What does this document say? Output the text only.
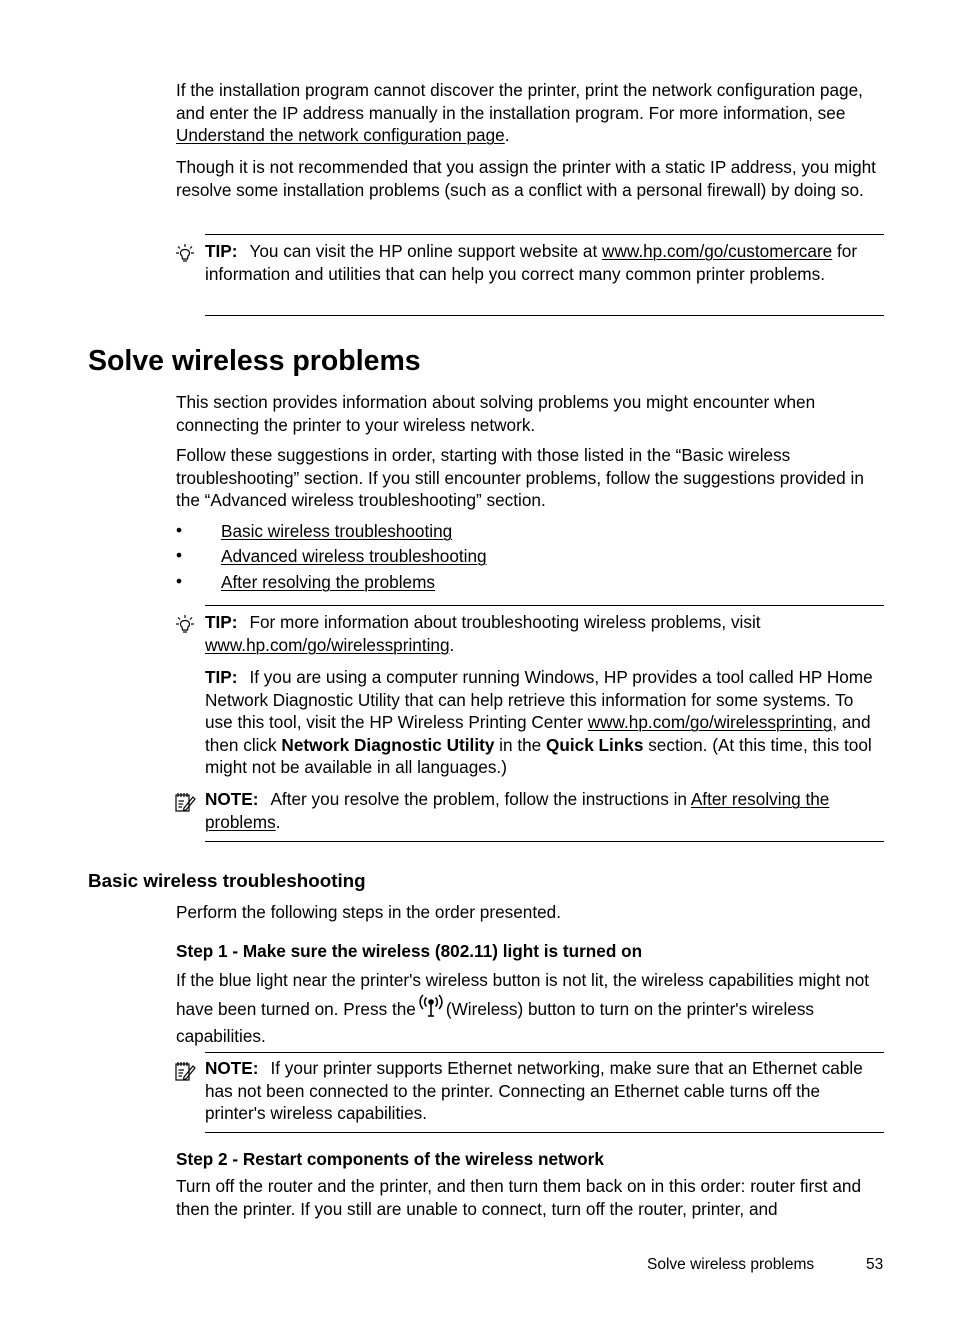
If the installation program cannot discover the printer, print the network configuration page, and enter the IP address manually in the installation program. For more information, see Understand the network configuration page.
Though it is not recommended that you assign the printer with a static IP address, you might resolve some installation problems (such as a conflict with a personal firewall) by doing so.
TIP: You can visit the HP online support website at www.hp.com/go/customercare for information and utilities that can help you correct many common printer problems.
Solve wireless problems
This section provides information about solving problems you might encounter when connecting the printer to your wireless network.
Follow these suggestions in order, starting with those listed in the “Basic wireless troubleshooting” section. If you still encounter problems, follow the suggestions provided in the “Advanced wireless troubleshooting” section.
• Basic wireless troubleshooting
• Advanced wireless troubleshooting
• After resolving the problems
TIP: For more information about troubleshooting wireless problems, visit www.hp.com/go/wirelessprinting.
TIP: If you are using a computer running Windows, HP provides a tool called HP Home Network Diagnostic Utility that can help retrieve this information for some systems. To use this tool, visit the HP Wireless Printing Center www.hp.com/go/wirelessprinting, and then click Network Diagnostic Utility in the Quick Links section. (At this time, this tool might not be available in all languages.)
NOTE: After you resolve the problem, follow the instructions in After resolving the problems.
Basic wireless troubleshooting
Perform the following steps in the order presented.
Step 1 - Make sure the wireless (802.11) light is turned on
If the blue light near the printer's wireless button is not lit, the wireless capabilities might not have been turned on. Press the (Wireless) button to turn on the printer's wireless capabilities.
NOTE: If your printer supports Ethernet networking, make sure that an Ethernet cable has not been connected to the printer. Connecting an Ethernet cable turns off the printer's wireless capabilities.
Step 2 - Restart components of the wireless network
Turn off the router and the printer, and then turn them back on in this order: router first and then the printer. If you still are unable to connect, turn off the router, printer, and
Solve wireless problems	53
